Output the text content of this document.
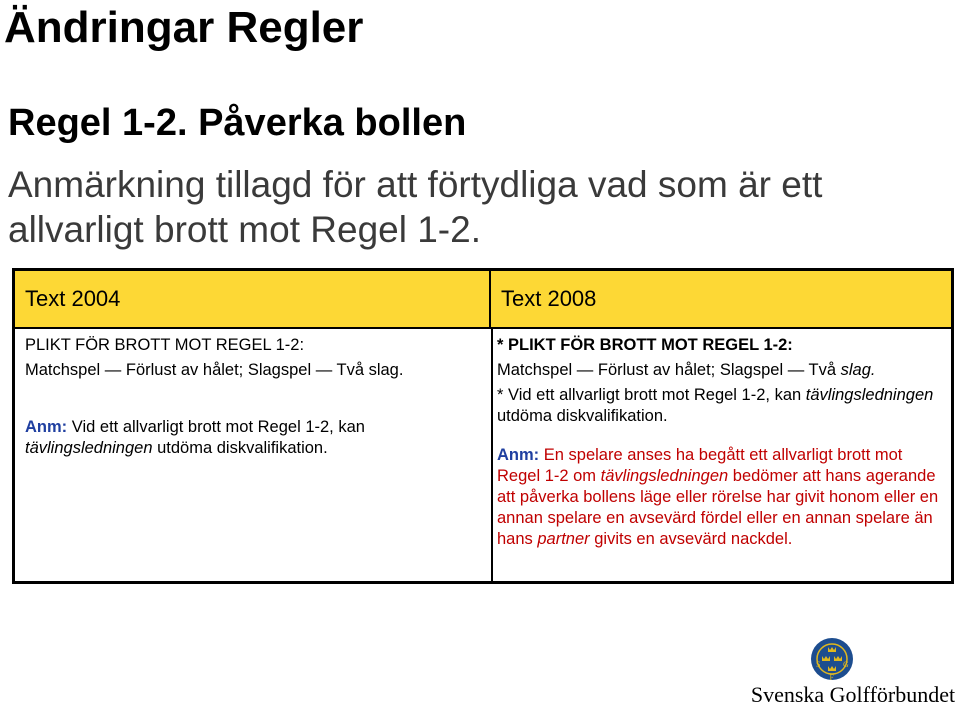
Ändringar Regler
Regel 1-2. Påverka bollen
Anmärkning tillagd för att förtydliga vad som är ett allvarligt brott mot Regel 1-2.
Text 2004	Text 2008

PLIKT FÖR BROTT MOT REGEL 1-2:

Matchspel — Förlust av hålet; Slagspel — Två slag.

Anm: Vid ett allvarligt brott mot Regel 1-2, kan tävlingsledningen utdöma diskvalifikation.

* PLIKT FÖR BROTT MOT REGEL 1-2:

Matchspel — Förlust av hålet; Slagspel — Två slag.

* Vid ett allvarligt brott mot Regel 1-2, kan tävlingsledningen utdöma diskvalifikation.

Anm: En spelare anses ha begått ett allvarligt brott mot Regel 1-2 om tävlingsledningen bedömer att hans agerande att påverka bollens läge eller rörelse har givit honom eller en annan spelare en avsevärd fördel eller en annan spelare än hans partner givits en avsevärd nackdel.

S	G
F
Svenska Golfförbundet
